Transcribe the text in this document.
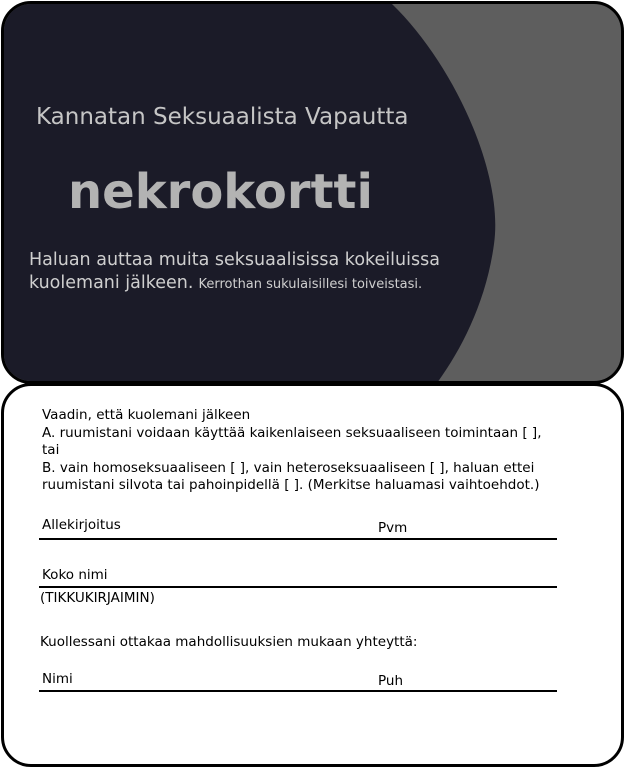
Kannatan Seksuaalista Vapautta
nekrokortti
Haluan auttaa muita seksuaalisissa kokeiluissa
kuolemani jälkeen. Kerrothan sukulaisillesi toiveistasi.
Vaadin, että kuolemani jälkeen
A. ruumistani voidaan käyttää kaikenlaiseen seksuaaliseen toimintaan [ ],
tai
B. vain homoseksuaaliseen [ ], vain heteroseksuaaliseen [ ], haluan ettei
ruumistani silvota tai pahoinpidellä [ ]. (Merkitse haluamasi vaihtoehdot.)
Allekirjoitus	Pvm
Koko nimi
(TIKKUKIRJAIMIN)
Kuollessani ottakaa mahdollisuuksien mukaan yhteyttä:
Nimi	Puh
